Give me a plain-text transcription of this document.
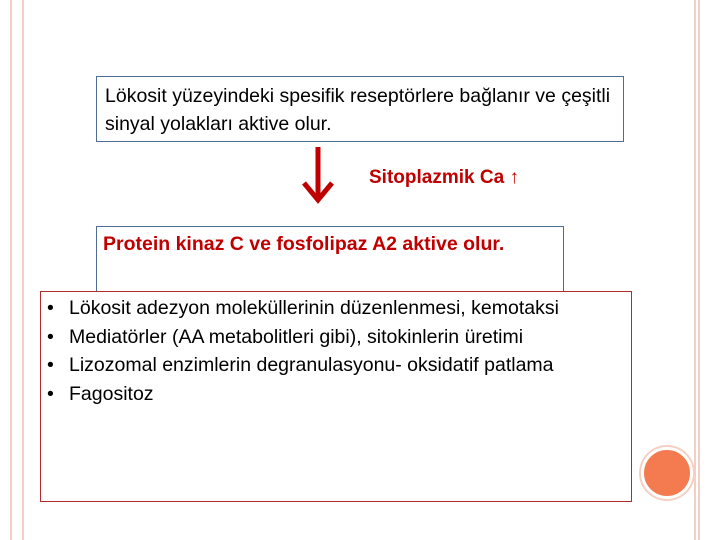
Lökosit yüzeyindeki spesifik reseptörlere bağlanır ve çeşitli sinyal yolakları aktive olur.
Sitoplazmik Ca ↑
Protein kinaz C ve fosfolipaz A2 aktive olur.
• Lökosit adezyon moleküllerinin düzenlenmesi, kemotaksi
• Mediatörler (AA metabolitleri gibi), sitokinlerin üretimi
• Lizozomal enzimlerin degranulasyonu- oksidatif patlama
• Fagositoz
